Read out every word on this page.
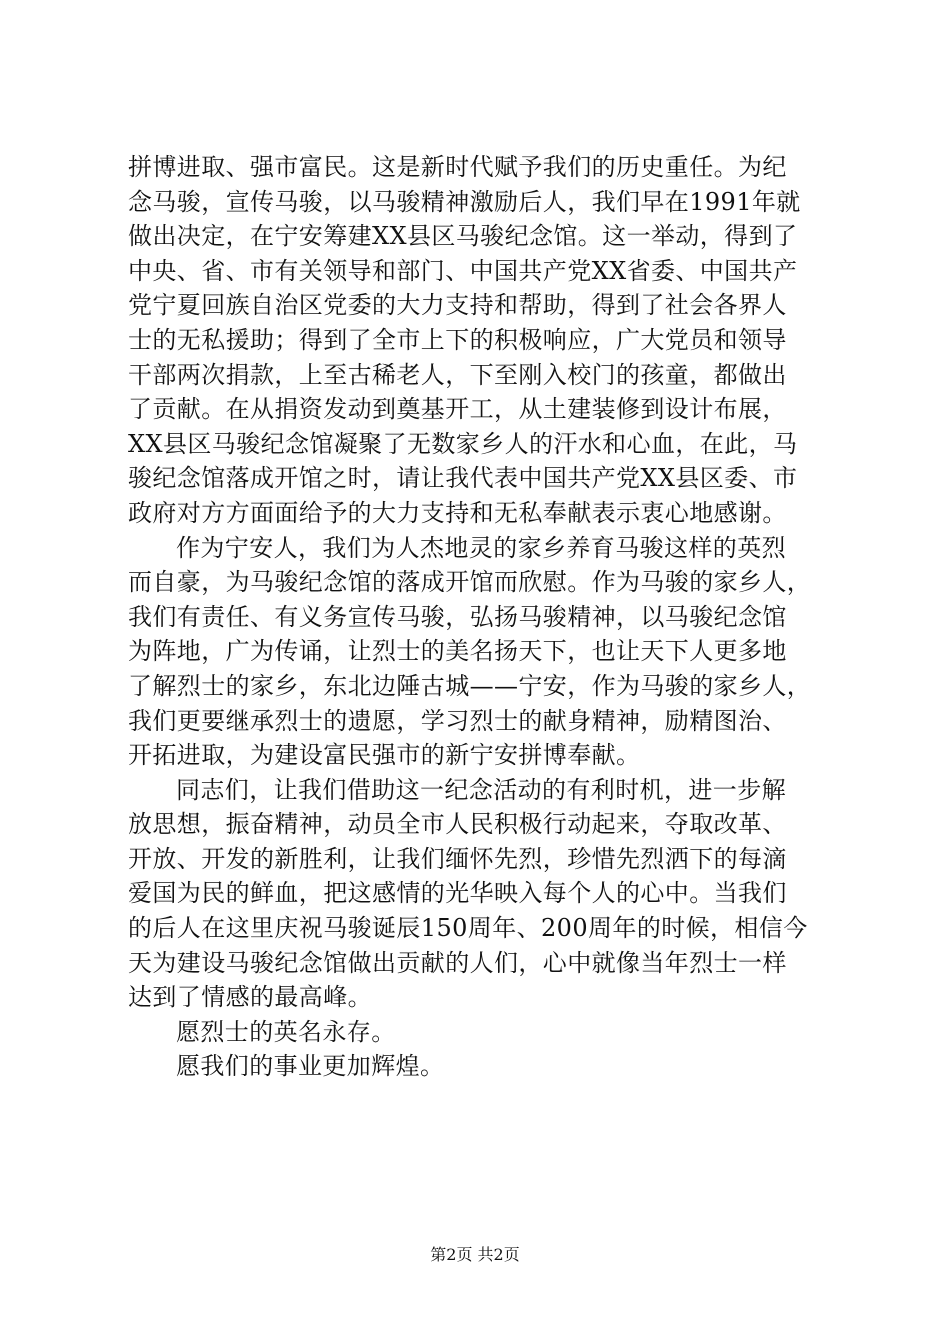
拼博进取、强市富民。这是新时代赋予我们的历史重任。为纪
念马骏，宣传马骏，以马骏精神激励后人，我们早在1991年就
做出决定，在宁安筹建XX县区马骏纪念馆。这一举动，得到了
中央、省、市有关领导和部门、中国共产党XX省委、中国共产
党宁夏回族自治区党委的大力支持和帮助，得到了社会各界人
士的无私援助；得到了全市上下的积极响应，广大党员和领导
干部两次捐款，上至古稀老人，下至刚入校门的孩童，都做出
了贡献。在从捐资发动到奠基开工，从土建装修到设计布展，
XX县区马骏纪念馆凝聚了无数家乡人的汗水和心血，在此，马
骏纪念馆落成开馆之时，请让我代表中国共产党XX县区委、市
政府对方方面面给予的大力支持和无私奉献表示衷心地感谢。
作为宁安人，我们为人杰地灵的家乡养育马骏这样的英烈
而自豪，为马骏纪念馆的落成开馆而欣慰。作为马骏的家乡人，
我们有责任、有义务宣传马骏，弘扬马骏精神，以马骏纪念馆
为阵地，广为传诵，让烈士的美名扬天下，也让天下人更多地
了解烈士的家乡，东北边陲古城——宁安，作为马骏的家乡人，
我们更要继承烈士的遗愿，学习烈士的献身精神，励精图治、
开拓进取，为建设富民强市的新宁安拼博奉献。
同志们，让我们借助这一纪念活动的有利时机，进一步解
放思想，振奋精神，动员全市人民积极行动起来，夺取改革、
开放、开发的新胜利，让我们缅怀先烈，珍惜先烈洒下的每滴
爱国为民的鲜血，把这感情的光华映入每个人的心中。当我们
的后人在这里庆祝马骏诞辰150周年、200周年的时候，相信今
天为建设马骏纪念馆做出贡献的人们，心中就像当年烈士一样
达到了情感的最高峰。
愿烈士的英名永存。
愿我们的事业更加辉煌。
第2页 共2页
